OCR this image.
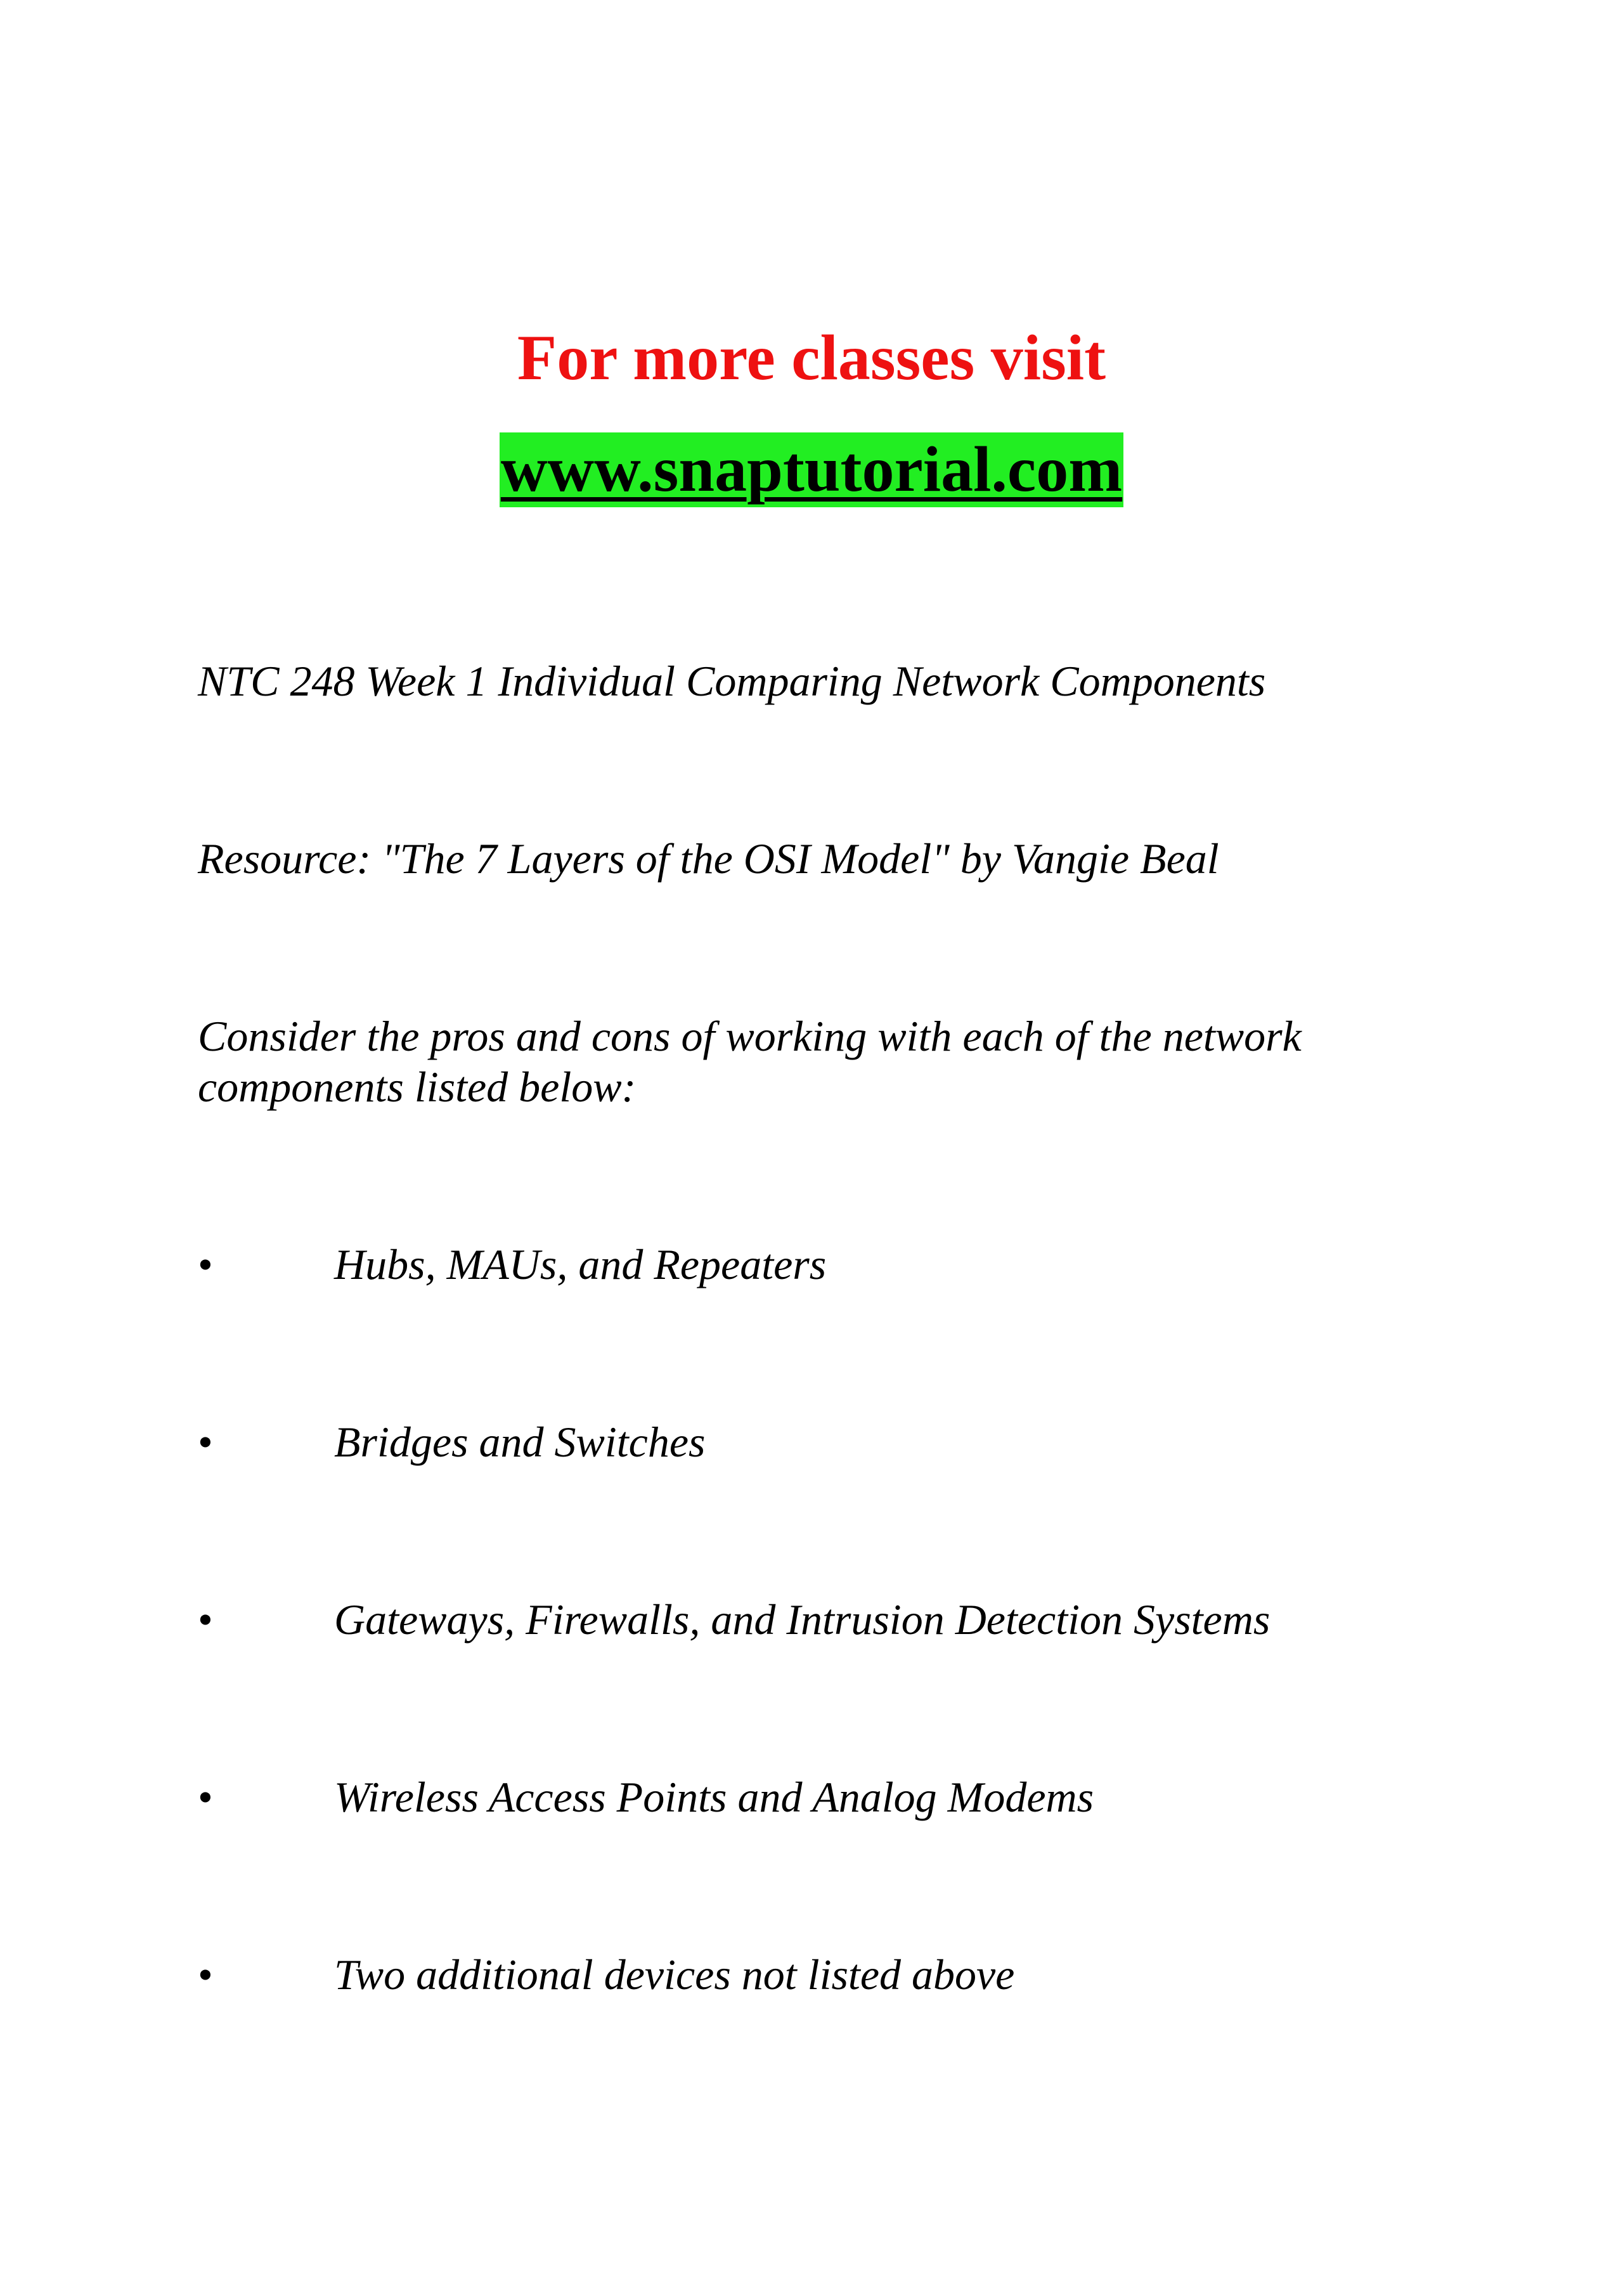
For more classes visit
www.snaptutorial.com
NTC 248 Week 1 Individual Comparing Network Components
Resource: "The 7 Layers of the OSI Model" by Vangie Beal
Consider the pros and cons of working with each of the network
components listed below:
•	Hubs, MAUs, and Repeaters
•	Bridges and Switches
•	Gateways, Firewalls, and Intrusion Detection Systems
•	Wireless Access Points and Analog Modems
•	Two additional devices not listed above
